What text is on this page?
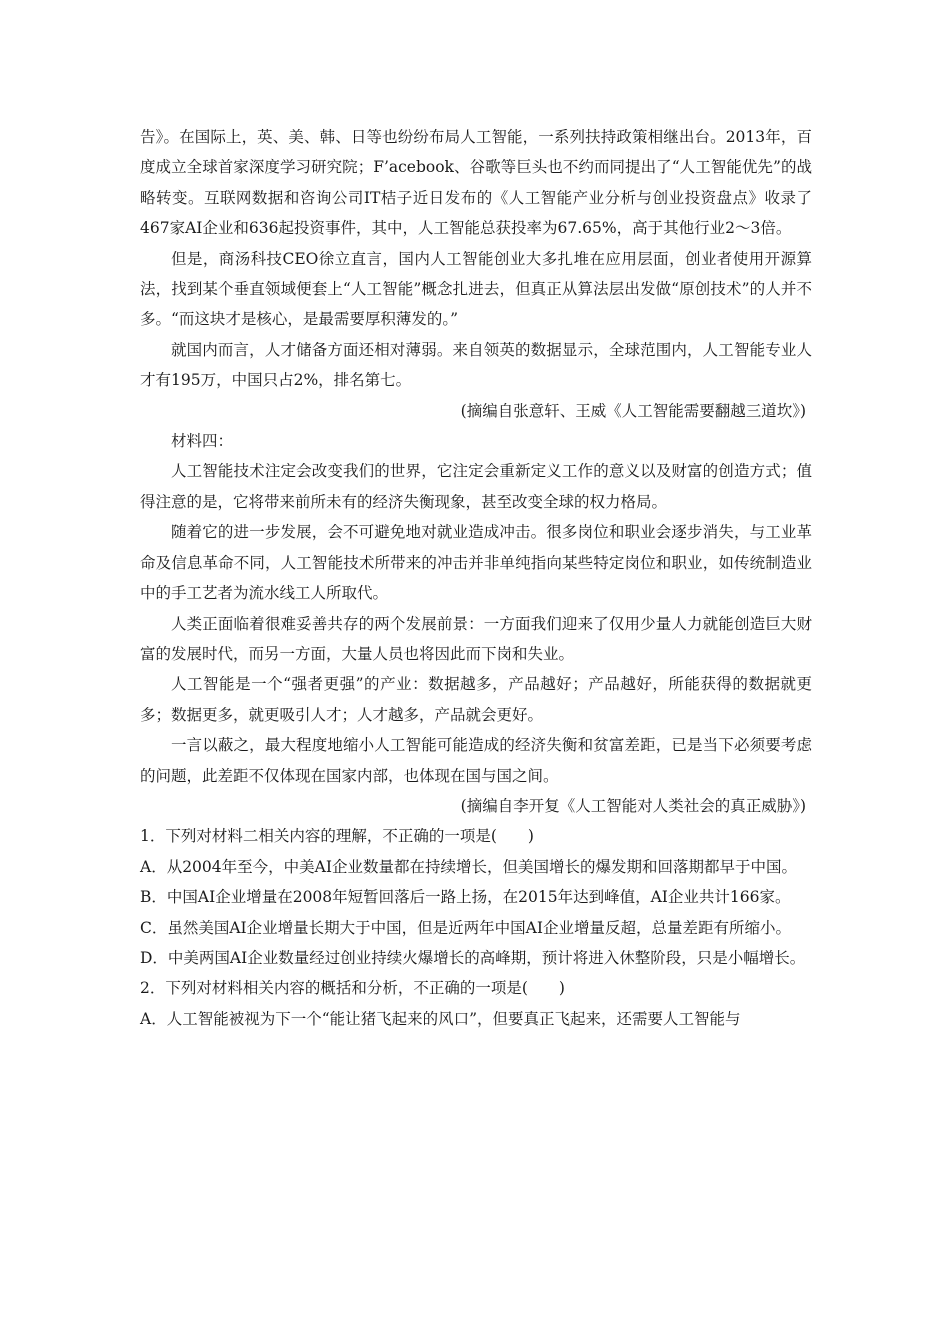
告》。在国际上，英、美、韩、日等也纷纷布局人工智能，一系列扶持政策相继出台。2013年，百度成立全球首家深度学习研究院；F’acebook、谷歌等巨头也不约而同提出了“人工智能优先”的战略转变。互联网数据和咨询公司IT桔子近日发布的《人工智能产业分析与创业投资盘点》收录了467家AI企业和636起投资事件，其中，人工智能总获投率为67.65%，高于其他行业2～3倍。

但是，商汤科技CEO徐立直言，国内人工智能创业大多扎堆在应用层面，创业者使用开源算法，找到某个垂直领域便套上“人工智能”概念扎进去，但真正从算法层出发做“原创技术”的人并不多。“而这块才是核心，是最需要厚积薄发的。”

就国内而言，人才储备方面还相对薄弱。来自领英的数据显示，全球范围内，人工智能专业人才有195万，中国只占2%，排名第七。

(摘编自张意轩、王威《人工智能需要翻越三道坎》)

材料四：

人工智能技术注定会改变我们的世界，它注定会重新定义工作的意义以及财富的创造方式；值得注意的是，它将带来前所未有的经济失衡现象，甚至改变全球的权力格局。

随着它的进一步发展，会不可避免地对就业造成冲击。很多岗位和职业会逐步消失，与工业革命及信息革命不同，人工智能技术所带来的冲击并非单纯指向某些特定岗位和职业，如传统制造业中的手工艺者为流水线工人所取代。

人类正面临着很难妥善共存的两个发展前景：一方面我们迎来了仅用少量人力就能创造巨大财富的发展时代，而另一方面，大量人员也将因此而下岗和失业。

人工智能是一个“强者更强”的产业：数据越多，产品越好；产品越好，所能获得的数据就更多；数据更多，就更吸引人才；人才越多，产品就会更好。

一言以蔽之，最大程度地缩小人工智能可能造成的经济失衡和贫富差距，已是当下必须要考虑的问题，此差距不仅体现在国家内部，也体现在国与国之间。

(摘编自李开复《人工智能对人类社会的真正威胁》)

1．下列对材料二相关内容的理解，不正确的一项是(　　)

A．从2004年至今，中美AI企业数量都在持续增长，但美国增长的爆发期和回落期都早于中国。

B．中国AI企业增量在2008年短暂回落后一路上扬，在2015年达到峰值，AI企业共计166家。

C．虽然美国AI企业增量长期大于中国，但是近两年中国AI企业增量反超，总量差距有所缩小。

D．中美两国AI企业数量经过创业持续火爆增长的高峰期，预计将进入休整阶段，只是小幅增长。

2．下列对材料相关内容的概括和分析，不正确的一项是(　　)

A．人工智能被视为下一个“能让猪飞起来的风口”，但要真正飞起来，还需要人工智能与
